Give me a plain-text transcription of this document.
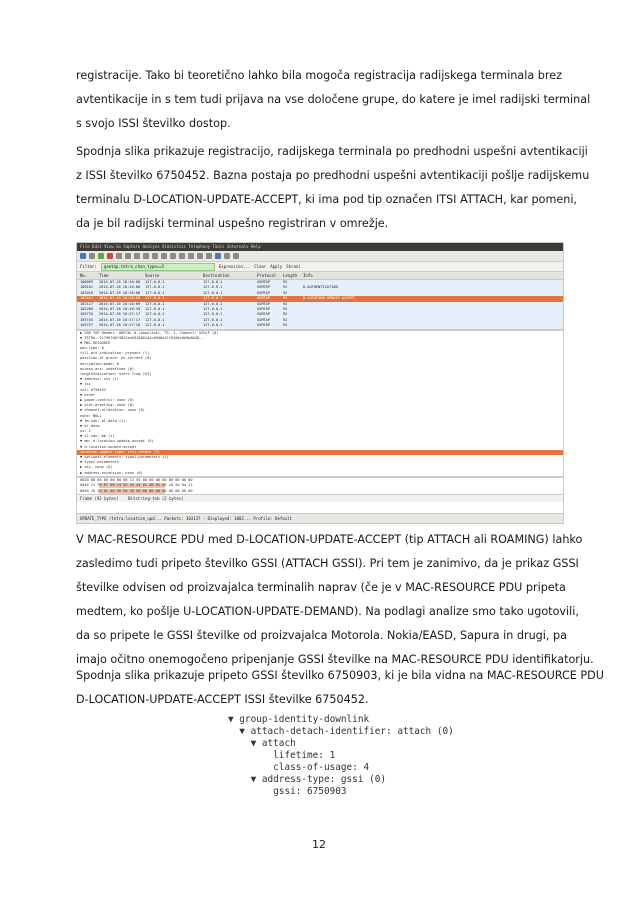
registracije. Tako bi teoretično lahko bila mogoča registracija radijskega terminala brez
avtentikacije in s tem tudi prijava na vse določene grupe, do katere je imel radijski terminal
s svojo ISSI številko dostop.
Spodnja slika prikazuje registracijo, radijskega terminala po predhodni uspešni avtentikaciji
z ISSI številko 6750452. Bazna postaja po predhodni uspešni avtentikaciji pošlje radijskemu
terminalu D-LOCATION-UPDATE-ACCEPT, ki ima pod tip označen ITSI ATTACH, kar pomeni,
da je bil radijski terminal uspešno registriran v omrežje.
File Edit View Go Capture Analyze Statistics Telephony Tools Internals Help
Filter:	gsmtap.tetra_chan_type==5	Expression... Clear Apply Shrani
No.	Time	Source	Destination	Protocol Length Info
100099 2014-07-16 18:16:08 127.0.0.1	127.0.0.1	GSMTAP	92
100101 2014-07-16 18:16:08 127.0.0.1	127.0.0.1	GSMTAP	92	D-AUTHENTICATION
102016 2014-07-16 18:16:08 127.0.0.1	127.0.0.1	GSMTAP	92
102021 2014-07-16 18:16:09 127.0.0.1	127.0.0.1	GSMTAP	92	D-LOCATION UPDATE ACCEPT
102127 2014-07-16 18:16:09 127.0.0.1	127.0.0.1	GSMTAP	92
102288 2014-07-16 18:16:49 127.0.0.1	127.0.0.1	GSMTAP	92
105735 2014-07-16 18:17:17 127.0.0.1	127.0.0.1	GSMTAP	92
105745 2014-07-16 18:17:17 127.0.0.1	127.0.0.1	GSMTAP	92
105757 2014-07-16 18:17:18 127.0.0.1	127.0.0.1	GSMTAP	92
▶ GSM TAP Header, ARFCN: 0 (Downlink), TS: 1, Channel: SCH/F (0)
▼ TETRA: 2179670674822ea2018001d3c09d0a11f6200c0d5b8648...
▼ MAC-RESOURCE
pdu-type: 0
fill-bit-indication: present (1)
position-of-grant: on-current (0)
encryption-mode: 0
access-ack: undefined (0)
lengthIndication: start-frag (63)
▼ address: ssi (1)
▼ ssi
ssi: 6750452
▼ other
▶ power-control: none (0)
▶ slot-granting: none (0)
▼ channel-allocation: none (0)
none: NULL
▼ tm-sdu: bl-data (1)
▼ bl-data
ns: 1
▼ tl-sdu: mm (1)
▼ mm: d-location-update-accept (5)
▼ d-location-update-accept
location-update-type: itsi-attach (3)
▼ optional-elements: type2-parameters (1)
▼ type2-parameters
▶ ssi: none (0)
▶ address-extension: none (0)
0020 00 00 00 00 00 00 12 05 00 00 00 00 00 00 00 00
0040 21 79 67 06 74 82 2e a2 01 80 01 d3 c0 9d 0a 11
0050 f6 20 0c 0d 5b 86 48 00 00 00 00 00 00 00 00 00
Frame (92 bytes) Bitstring-tvb (2 bytes)
UPDATE_TYPE (tetra.location_upd... Packets: 303137 · Displayed: 1082... Profile: Default
V MAC-RESOURCE PDU med D-LOCATION-UPDATE-ACCEPT (tip ATTACH ali ROAMING) lahko
zasledimo tudi pripeto številko GSSI (ATTACH GSSI). Pri tem je zanimivo, da je prikaz GSSI
številke odvisen od proizvajalca terminalih naprav (če je v MAC-RESOURCE PDU pripeta
medtem, ko pošlje U-LOCATION-UPDATE-DEMAND). Na podlagi analize smo tako ugotovili,
da so pripete le GSSI številke od proizvajalca Motorola. Nokia/EASD, Sapura in drugi, pa
imajo očitno onemogočeno pripenjanje GSSI številke na MAC-RESOURCE PDU identifikatorju.
Spodnja slika prikazuje pripeto GSSI številko 6750903, ki je bila vidna na MAC-RESOURCE PDU
D-LOCATION-UPDATE-ACCEPT ISSI številke 6750452.
▼ group-identity-downlink
▼ attach-detach-identifier: attach (0)
▼ attach
lifetime: 1
class-of-usage: 4
▼ address-type: gssi (0)
gssi: 6750903
12
